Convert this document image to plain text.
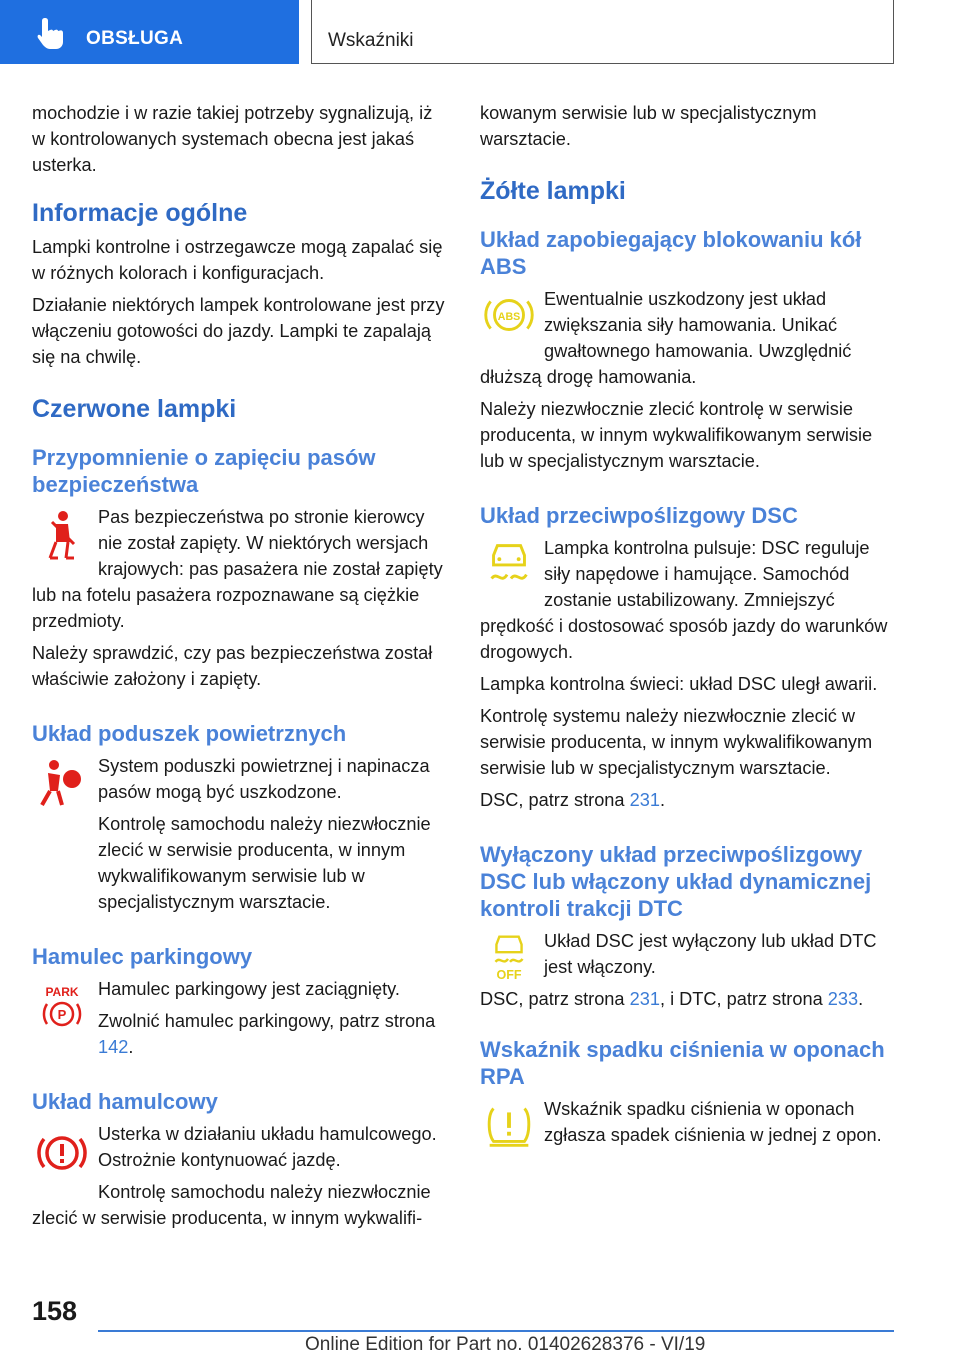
OBSŁUGA	Wskaźniki

mochodzie i w razie takiej potrzeby sygnalizują, iż w kontrolowanych systemach obecna jest jakaś usterka.

Informacje ogólne

Lampki kontrolne i ostrzegawcze mogą zapalać się w różnych kolorach i konfiguracjach.

Działanie niektórych lampek kontrolowane jest przy włączeniu gotowości do jazdy. Lampki te zapalają się na chwilę.

Czerwone lampki
Przypomnienie o zapięciu pasów bezpieczeństwa

Pas bezpieczeństwa po stronie kierowcy nie został zapięty. W niektórych wersjach krajowych: pas pasażera nie został zapięty lub na fotelu pasażera rozpoznawane są ciężkie przedmioty.

Należy sprawdzić, czy pas bezpieczeństwa został właściwie założony i zapięty.

Układ poduszek powietrznych

System poduszki powietrznej i napinacza pasów mogą być uszkodzone.

Kontrolę samochodu należy niezwłocznie zlecić w serwisie producenta, w innym wykwalifikowanym serwisie lub w specjalistycznym warsztacie.

Hamulec parkingowy
PARK
P

Hamulec parkingowy jest zaciągnięty.

Zwolnić hamulec parkingowy, patrz strona 142.

Układ hamulcowy

Usterka w działaniu układu hamulcowego. Ostrożnie kontynuować jazdę.

Kontrolę samochodu należy niezwłocznie zlecić w serwisie producenta, w innym wykwalifi-

kowanym serwisie lub w specjalistycznym warsztacie.

Żółte lampki
Układ zapobiegający blokowaniu kół ABS
ABS

Ewentualnie uszkodzony jest układ zwiększania siły hamowania. Unikać gwałtownego hamowania. Uwzględnić dłuższą drogę hamowania.

Należy niezwłocznie zlecić kontrolę w serwisie producenta, w innym wykwalifikowanym serwisie lub w specjalistycznym warsztacie.

Układ przeciwpoślizgowy DSC

Lampka kontrolna pulsuje: DSC reguluje siły napędowe i hamujące. Samochód zostanie ustabilizowany. Zmniejszyć prędkość i dostosować sposób jazdy do warunków drogowych.

Lampka kontrolna świeci: układ DSC uległ awarii.

Kontrolę systemu należy niezwłocznie zlecić w serwisie producenta, w innym wykwalifikowanym serwisie lub w specjalistycznym warsztacie.

DSC, patrz strona 231.

Wyłączony układ przeciwpoślizgowy DSC lub włączony układ dynamicznej kontroli trakcji DTC
OFF

Układ DSC jest wyłączony lub układ DTC jest włączony.

DSC, patrz strona 231, i DTC, patrz strona 233.

Wskaźnik spadku ciśnienia w oponach RPA

Wskaźnik spadku ciśnienia w oponach zgłasza spadek ciśnienia w jednej z opon.

158
Online Edition for Part no. 01402628376 - VI/19
